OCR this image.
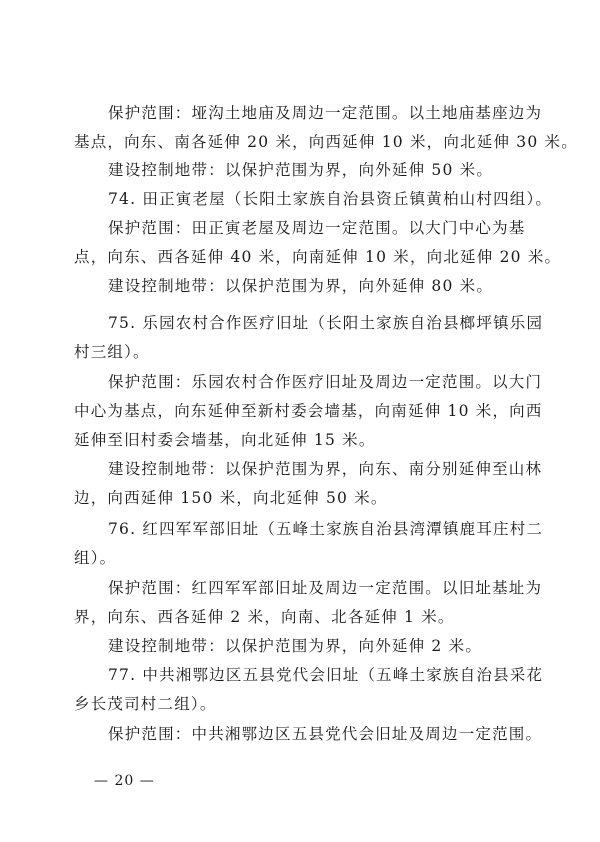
保护范围：垭沟土地庙及周边一定范围。以土地庙基座边为
基点，向东、南各延伸 20 米，向西延伸 10 米，向北延伸 30 米。
建设控制地带：以保护范围为界，向外延伸 50 米。
74. 田正寅老屋（长阳土家族自治县资丘镇黄柏山村四组）。
保护范围：田正寅老屋及周边一定范围。以大门中心为基
点，向东、西各延伸 40 米，向南延伸 10 米，向北延伸 20 米。
建设控制地带：以保护范围为界，向外延伸 80 米。
75. 乐园农村合作医疗旧址（长阳土家族自治县榔坪镇乐园
村三组）。
保护范围：乐园农村合作医疗旧址及周边一定范围。以大门
中心为基点，向东延伸至新村委会墙基，向南延伸 10 米，向西
延伸至旧村委会墙基，向北延伸 15 米。
建设控制地带：以保护范围为界，向东、南分别延伸至山林
边，向西延伸 150 米，向北延伸 50 米。
76. 红四军军部旧址（五峰土家族自治县湾潭镇鹿耳庄村二
组）。
保护范围：红四军军部旧址及周边一定范围。以旧址基址为
界，向东、西各延伸 2 米，向南、北各延伸 1 米。
建设控制地带：以保护范围为界，向外延伸 2 米。
77. 中共湘鄂边区五县党代会旧址（五峰土家族自治县采花
乡长茂司村二组）。
保护范围：中共湘鄂边区五县党代会旧址及周边一定范围。
— 20 —
